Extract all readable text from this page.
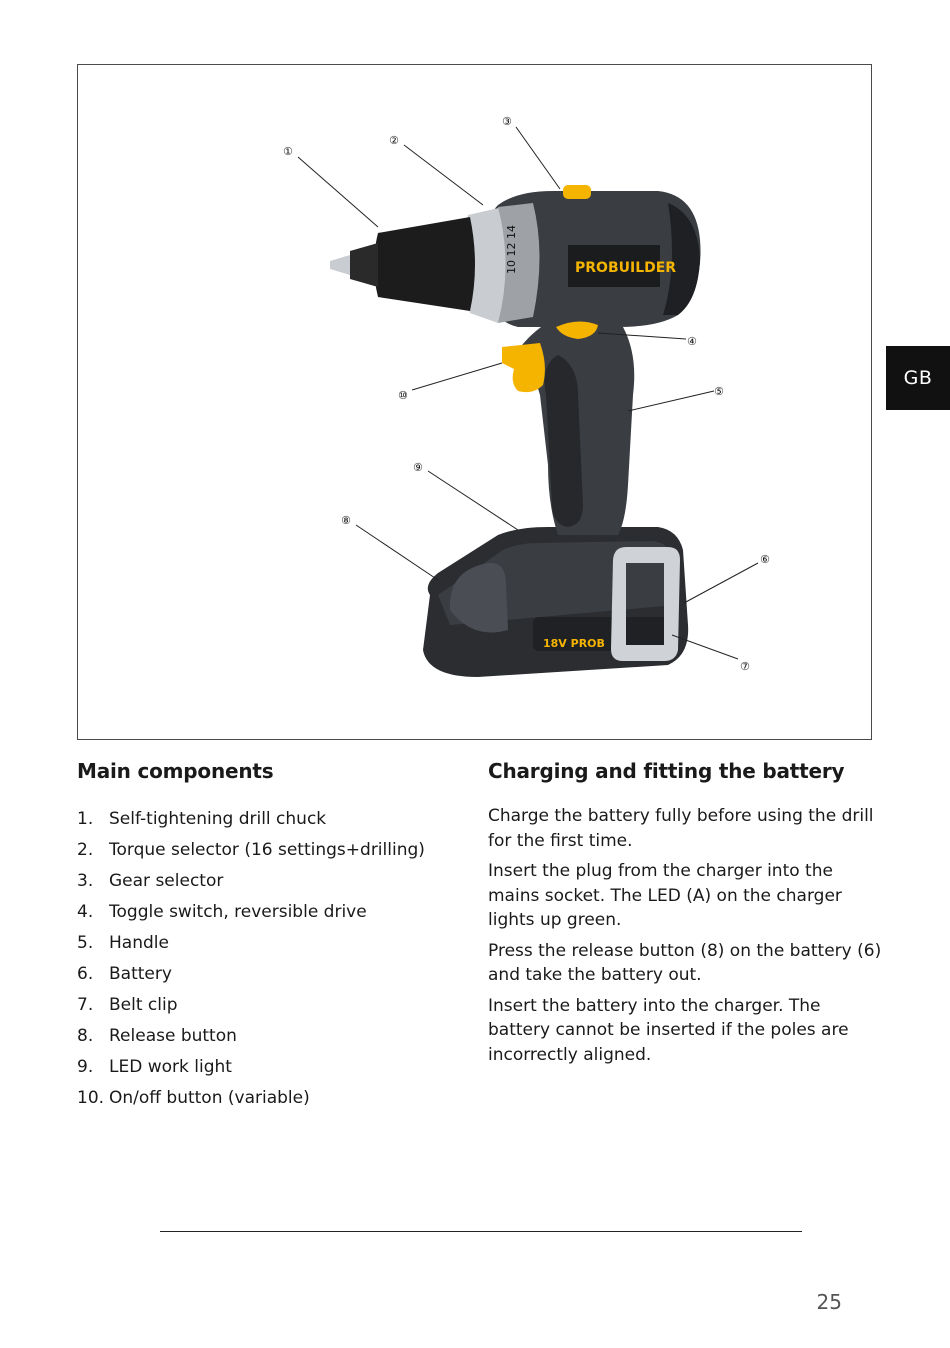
18V PROB
PROBUILDER
10 12 14
①
②
③
④
⑤
⑥
⑦
⑧
⑨
⑩
GB
Main components
1. Self-tightening drill chuck
2. Torque selector (16 settings+drilling)
3. Gear selector
4. Toggle switch, reversible drive
5. Handle
6. Battery
7. Belt clip
8. Release button
9. LED work light
10. On/off button (variable)
Charging and fitting the battery

Charge the battery fully before using the drill for the first time.

Insert the plug from the charger into the mains socket. The LED (A) on the charger lights up green.

Press the release button (8) on the battery (6) and take the battery out.

Insert the battery into the charger. The battery cannot be inserted if the poles are incorrectly aligned.

25
